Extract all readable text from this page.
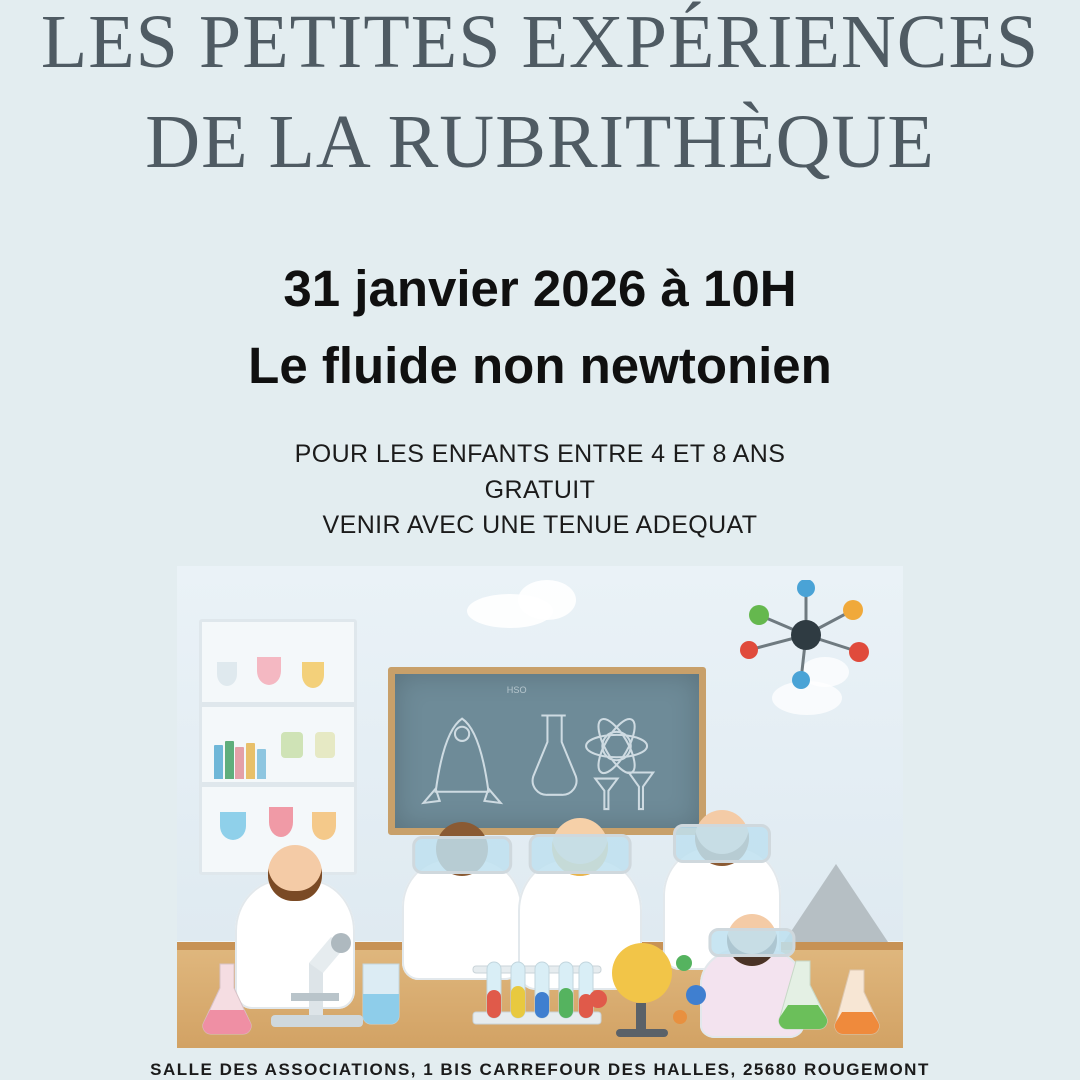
LES PETITES EXPÉRIENCES
DE LA RUBRITHÈQUE
31 janvier 2026 à 10H
Le fluide non newtonien
POUR LES ENFANTS ENTRE 4 ET 8 ANS
GRATUIT
VENIR AVEC UNE TENUE ADEQUAT
HSO
SALLE DES ASSOCIATIONS, 1 BIS CARREFOUR DES HALLES, 25680 ROUGEMONT
